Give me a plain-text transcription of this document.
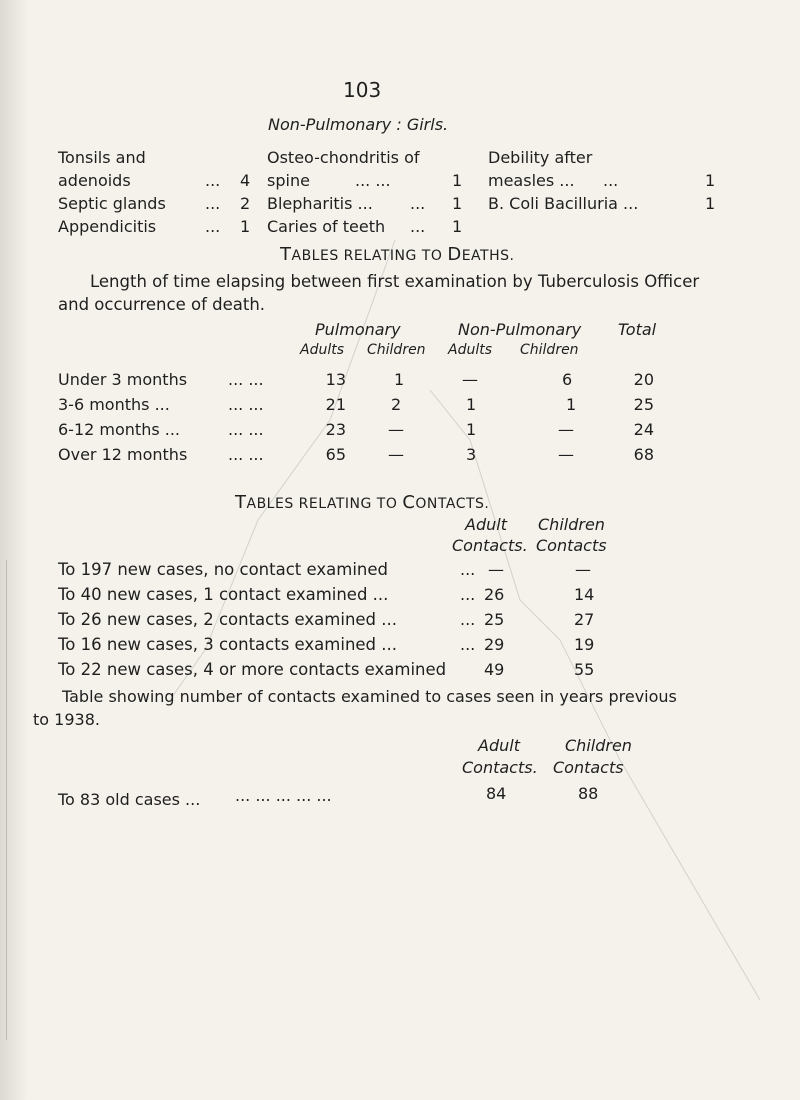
103
Non-Pulmonary : Girls.
Tonsils and
adenoids	... 4
Septic glands ... 2
Appendicitis	... 1
Osteo-chondritis of
spine	... ...	1
Blepharitis ... ... 1
Caries of teeth ... 1
Debility after
measles ... ...	1
B. Coli Bacilluria ...	1
TABLES RELATING TO DEATHS.
Length of time elapsing between first examination by Tuberculosis Officer
and occurrence of death.
Pulmonary	Non-Pulmonary Total
Adults Children Adults Children
Under 3 months	... ...	13	1	—	6	20
3-6 months ...	... ...	21	2	1	1	25
6-12 months ...	... ...	23	—	1	—	24
Over 12 months	... ...	65	—	3	—	68
TABLES RELATING TO CONTACTS.
Adult
Contacts.
Children
Contacts
To 197 new cases, no contact examined	... —	—
To 40 new cases, 1 contact examined ...	... 26	14
To 26 new cases, 2 contacts examined ...	... 25	27
To 16 new cases, 3 contacts examined ...	... 29	19
To 22 new cases, 4 or more contacts examined 49	55
Table showing number of contacts examined to cases seen in years previous
to 1938.
Adult
Contacts.
Children
Contacts
To 83 old cases ... ... ... ... ... ...	84	88
